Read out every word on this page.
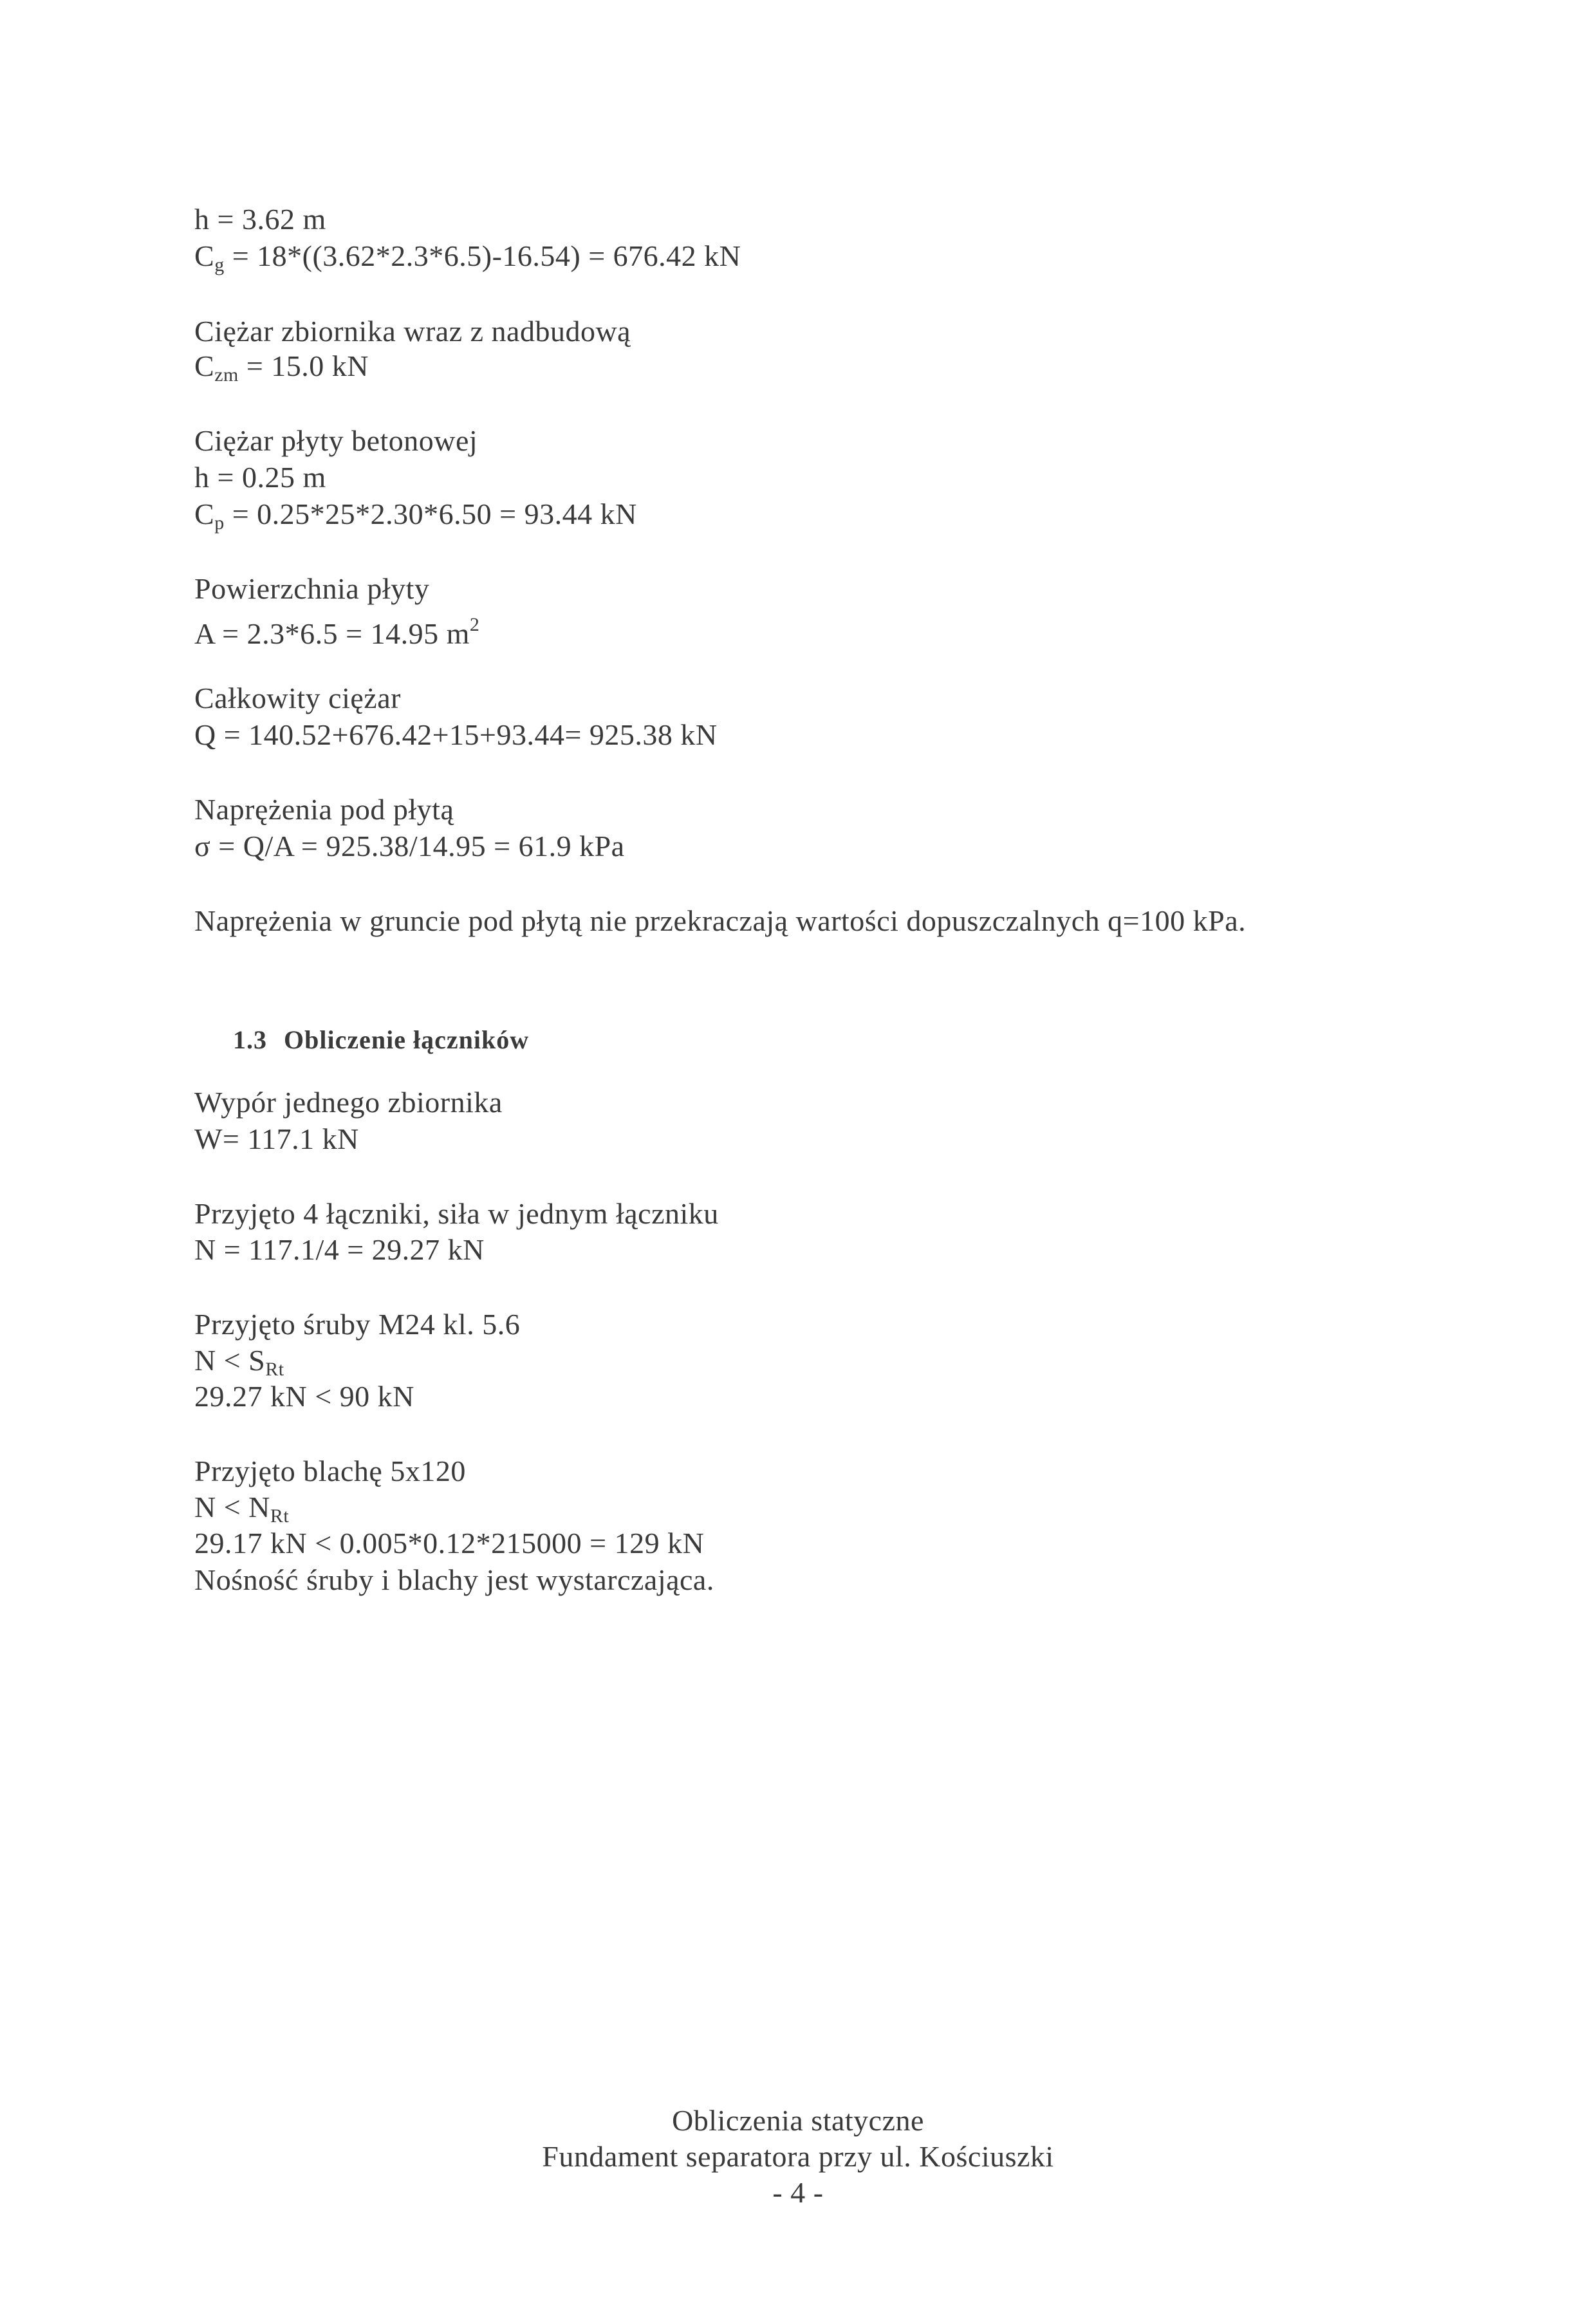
h = 3.62 m
$C_g = 18*((3.62*2.3*6.5)-16.54) = 676.42$ kN
Ciężar zbiornika wraz z nadbudową
$C_{zm} = 15.0$ kN
Ciężar płyty betonowej
h = 0.25 m
$C_p = 0.25*25*2.30*6.50 = 93.44$ kN
Powierzchnia płyty
A = 2.3*6.5 = 14.95 $m^2$
Całkowity ciężar
Q = 140.52+676.42+15+93.44= 925.38 kN
Naprężenia pod płytą
σ = Q/A = 925.38/14.95 = 61.9 kPa
Naprężenia w gruncie pod płytą nie przekraczają wartości dopuszczalnych q=100 kPa.
1.3 Obliczenie łączników
Wypór jednego zbiornika
W= 117.1 kN
Przyjęto 4 łączniki, siła w jednym łączniku
N = 117.1/4 = 29.27 kN
Przyjęto śruby M24 kl. 5.6
$N < S_{Rt}$
29.27 kN < 90 kN
Przyjęto blachę 5x120
$N < N_{Rt}$
29.17 kN < 0.005*0.12*215000 = 129 kN
Nośność śruby i blachy jest wystarczająca.
Obliczenia statyczne
Fundament separatora przy ul. Kościuszki
- 4 -
